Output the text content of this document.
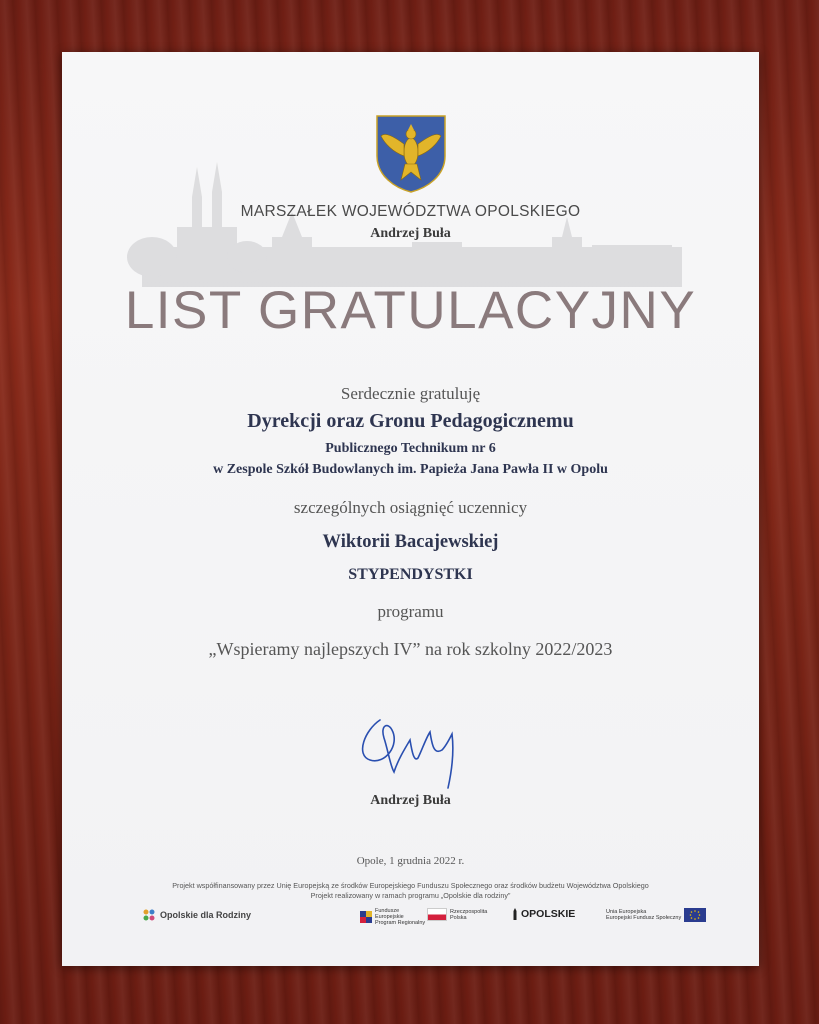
MARSZAŁEK WOJEWÓDZTWA OPOLSKIEGO
Andrzej Buła
LIST GRATULACYJNY
Serdecznie gratuluję
Dyrekcji oraz Gronu Pedagogicznemu
Publicznego Technikum nr 6
w Zespole Szkół Budowlanych im. Papieża Jana Pawła II w Opolu
szczególnych osiągnięć uczennicy
Wiktorii Bacajewskiej
STYPENDYSTKI
programu
„Wspieramy najlepszych IV” na rok szkolny 2022/2023
Andrzej Buła
Opole, 1 grudnia 2022 r.
Projekt współfinansowany przez Unię Europejską ze środków Europejskiego Funduszu Społecznego oraz środków budżetu Województwa Opolskiego
Projekt realizowany w ramach programu „Opolskie dla rodziny”
Opolskie dla Rodziny	Fundusze
Europejskie
Program Regionalny
Rzeczpospolita
Polska	OPOLSKIE	Unia Europejska
Europejski Fundusz Społeczny
